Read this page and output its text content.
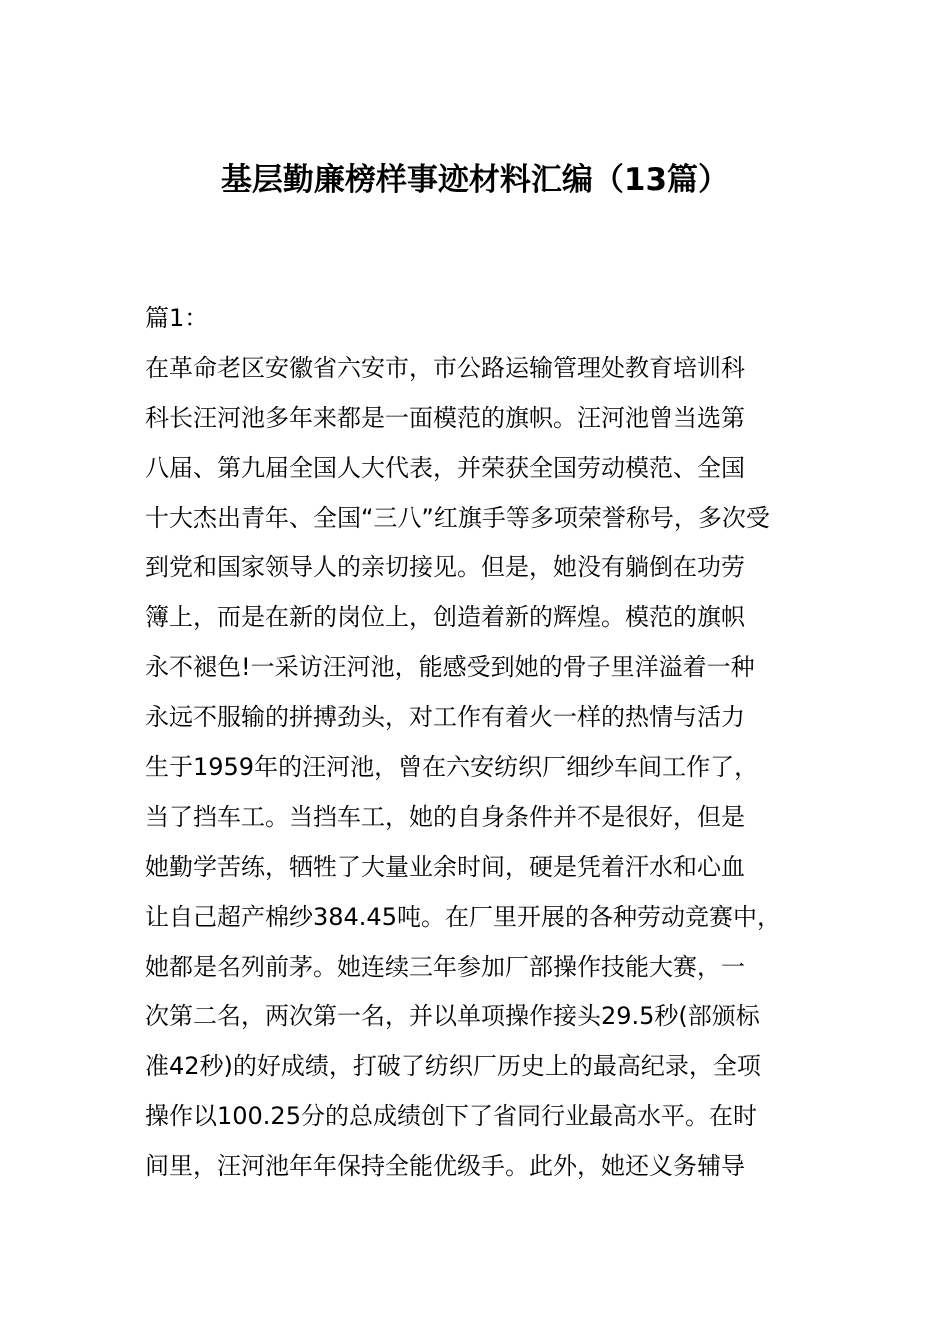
基层勤廉榜样事迹材料汇编（13篇）

篇1：

在革命老区安徽省六安市，市公路运输管理处教育培训科

科长汪河池多年来都是一面模范的旗帜。汪河池曾当选第

八届、第九届全国人大代表，并荣获全国劳动模范、全国

十大杰出青年、全国“三八”红旗手等多项荣誉称号，多次受

到党和国家领导人的亲切接见。但是，她没有躺倒在功劳

簿上，而是在新的岗位上，创造着新的辉煌。模范的旗帜

永不褪色!一采访汪河池，能感受到她的骨子里洋溢着一种

永远不服输的拼搏劲头，对工作有着火一样的热情与活力

生于1959年的汪河池，曾在六安纺织厂细纱车间工作了，

当了挡车工。当挡车工，她的自身条件并不是很好，但是

她勤学苦练，牺牲了大量业余时间，硬是凭着汗水和心血

让自己超产棉纱384.45吨。在厂里开展的各种劳动竞赛中，

她都是名列前茅。她连续三年参加厂部操作技能大赛，一

次第二名，两次第一名，并以单项操作接头29.5秒(部颁标

准42秒)的好成绩，打破了纺织厂历史上的最高纪录，全项

操作以100.25分的总成绩创下了省同行业最高水平。在时

间里，汪河池年年保持全能优级手。此外，她还义务辅导
